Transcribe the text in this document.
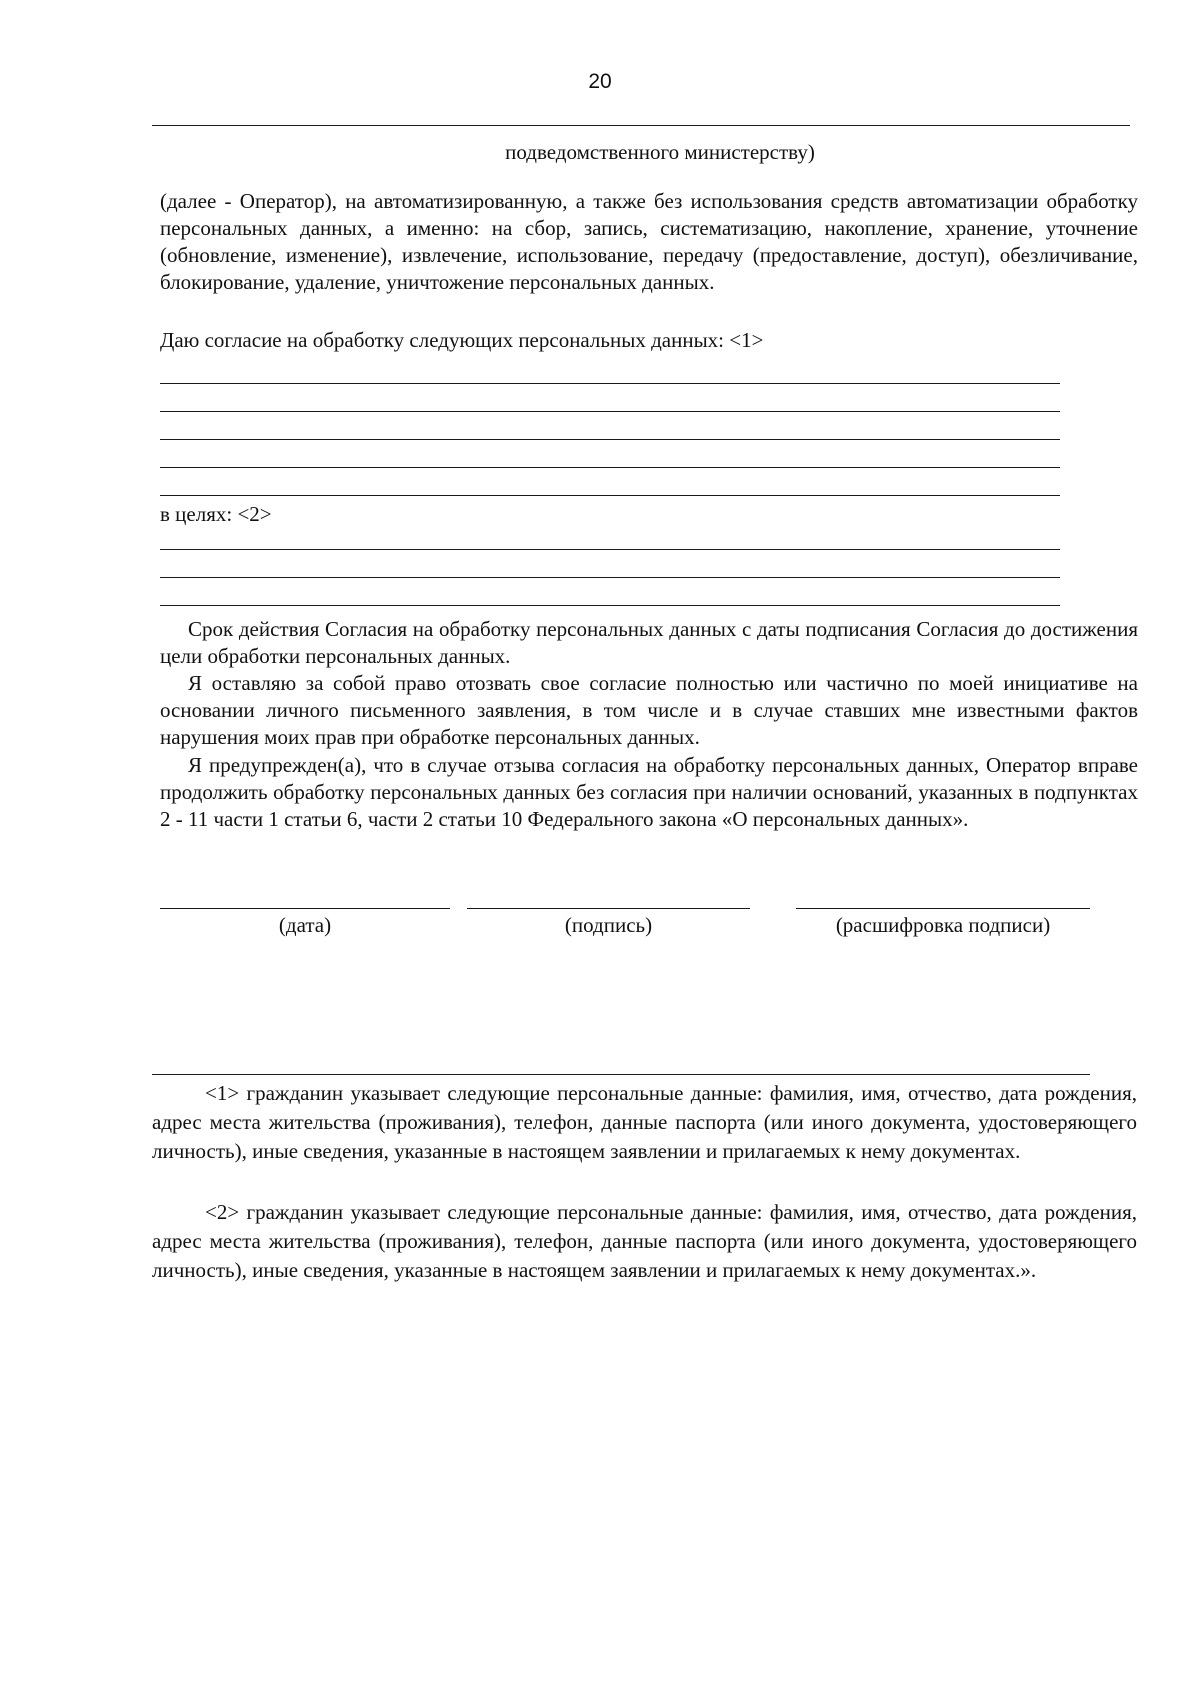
20
подведомственного министерству)

(далее - Оператор), на автоматизированную, а также без использования средств автоматизации обработку персональных данных, а именно: на сбор, запись, систематизацию, накопление, хранение, уточнение (обновление, изменение), извлечение, использование, передачу (предоставление, доступ), обезличивание, блокирование, удаление, уничтожение персональных данных.

Даю согласие на обработку следующих персональных данных: <1>
в целях: <2>

Срок действия Согласия на обработку персональных данных с даты подписания Согласия до достижения цели обработки персональных данных.

Я оставляю за собой право отозвать свое согласие полностью или частично по моей инициативе на основании личного письменного заявления, в том числе и в случае ставших мне известными фактов нарушения моих прав при обработке персональных данных.

Я предупрежден(а), что в случае отзыва согласия на обработку персональных данных, Оператор вправе продолжить обработку персональных данных без согласия при наличии оснований, указанных в подпунктах 2 - 11 части 1 статьи 6, части 2 статьи 10 Федерального закона «О персональных данных».

(дата)	(подпись)	(расшифровка подписи)

<1> гражданин указывает следующие персональные данные: фамилия, имя, отчество, дата рождения, адрес места жительства (проживания), телефон, данные паспорта (или иного документа, удостоверяющего личность), иные сведения, указанные в настоящем заявлении и прилагаемых к нему документах.

<2> гражданин указывает следующие персональные данные: фамилия, имя, отчество, дата рождения, адрес места жительства (проживания), телефон, данные паспорта (или иного документа, удостоверяющего личность), иные сведения, указанные в настоящем заявлении и прилагаемых к нему документах.».
